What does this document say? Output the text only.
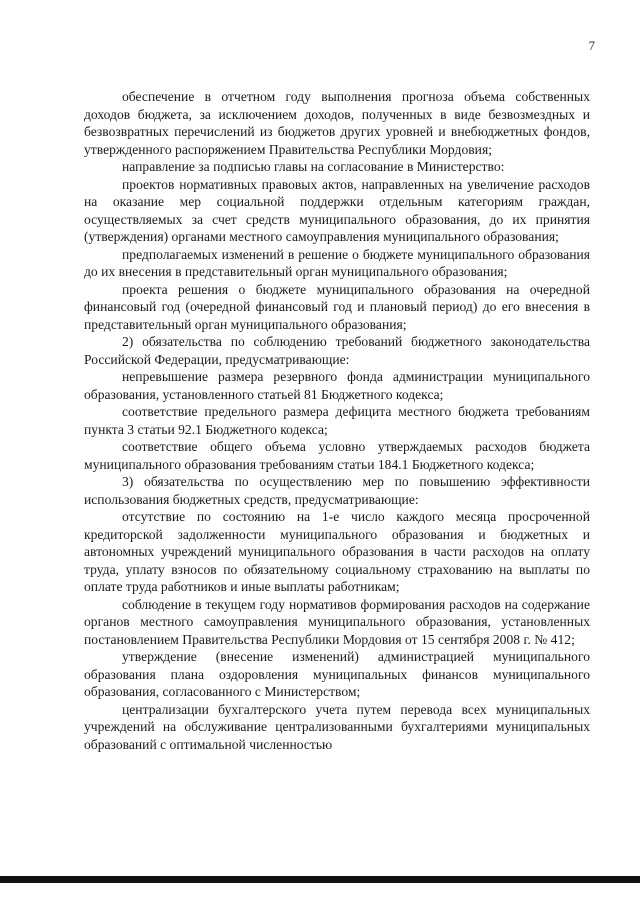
7

обеспечение в отчетном году выполнения прогноза объема собственных доходов бюджета, за исключением доходов, полученных в виде безвозмездных и безвозвратных перечислений из бюджетов других уровней и внебюджетных фондов, утвержденного распоряжением Правительства Республики Мордовия;

направление за подписью главы на согласование в Министерство:

проектов нормативных правовых актов, направленных на увеличение расходов на оказание мер социальной поддержки отдельным категориям граждан, осуществляемых за счет средств муниципального образования, до их принятия (утверждения) органами местного самоуправления муниципального образования;

предполагаемых изменений в решение о бюджете муниципального образования до их внесения в представительный орган муниципального образования;

проекта решения о бюджете муниципального образования на очередной финансовый год (очередной финансовый год и плановый период) до его внесения в представительный орган муниципального образования;

2) обязательства по соблюдению требований бюджетного законодательства Российской Федерации, предусматривающие:

непревышение размера резервного фонда администрации муниципального образования, установленного статьей 81 Бюджетного кодекса;

соответствие предельного размера дефицита местного бюджета требованиям пункта 3 статьи 92.1 Бюджетного кодекса;

соответствие общего объема условно утверждаемых расходов бюджета муниципального образования требованиям статьи 184.1 Бюджетного кодекса;

3) обязательства по осуществлению мер по повышению эффективности использования бюджетных средств, предусматривающие:

отсутствие по состоянию на 1-е число каждого месяца просроченной кредиторской задолженности муниципального образования и бюджетных и автономных учреждений муниципального образования в части расходов на оплату труда, уплату взносов по обязательному социальному страхованию на выплаты по оплате труда работников и иные выплаты работникам;

соблюдение в текущем году нормативов формирования расходов на содержание органов местного самоуправления муниципального образования, установленных постановлением Правительства Республики Мордовия от 15 сентября 2008 г. № 412;

утверждение (внесение изменений) администрацией муниципального образования плана оздоровления муниципальных финансов муниципального образования, согласованного с Министерством;

централизации бухгалтерского учета путем перевода всех муниципальных учреждений на обслуживание централизованными бухгалтериями муниципальных образований с оптимальной численностью
